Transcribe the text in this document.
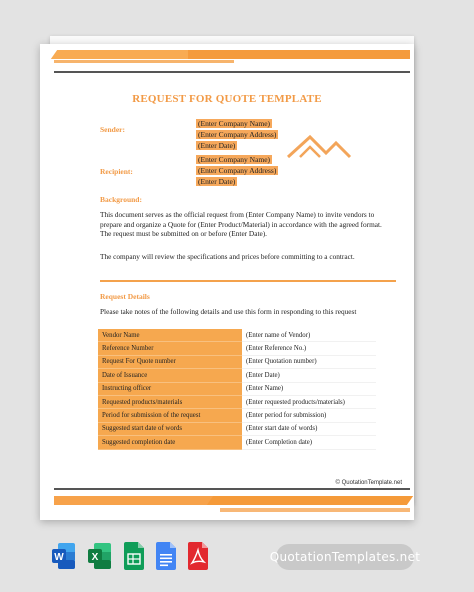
REQUEST FOR QUOTE TEMPLATE
Sender:
(Enter Company Name)
(Enter Company Address)
(Enter Date)
Recipient:
(Enter Company Name)
(Enter Company Address)
(Enter Date)
Background:
This document serves as the official request from (Enter Company Name) to invite vendors to prepare and organize a Quote for (Enter Product/Material) in accordance with the agreed format. The request must be submitted on or before (Enter Date).
The company will review the specifications and prices before committing to a contract.
Request Details
Please take notes of the following details and use this form in responding to this request
Vendor Name	(Enter name of Vendor)
Reference Number	(Enter Reference No.)
Request For Quote number	(Enter Quotation number)
Date of Issuance	(Enter Date)
Instructing officer	(Enter Name)
Requested products/materials	(Enter requested products/materials)
Period for submission of the request	(Enter period for submission)
Suggested start date of words	(Enter start date of words)
Suggested completion date	(Enter Completion date)
© QuotationTemplate.net
W	X	QuotationTemplates.net
